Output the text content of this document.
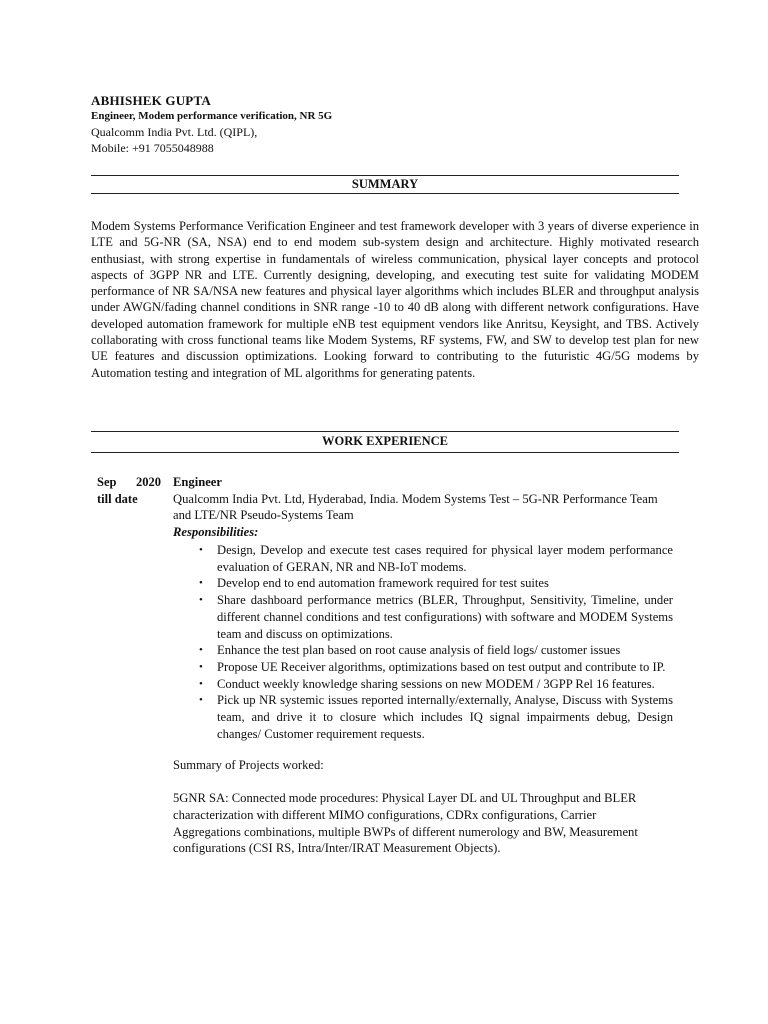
ABHISHEK GUPTA
Engineer, Modem performance verification, NR 5G
Qualcomm India Pvt. Ltd. (QIPL),
Mobile: +91 7055048988
SUMMARY
Modem Systems Performance Verification Engineer and test framework developer with 3 years of diverse experience in LTE and 5G-NR (SA, NSA) end to end modem sub-system design and architecture. Highly motivated research enthusiast, with strong expertise in fundamentals of wireless communication, physical layer concepts and protocol aspects of 3GPP NR and LTE. Currently designing, developing, and executing test suite for validating MODEM performance of NR SA/NSA new features and physical layer algorithms which includes BLER and throughput analysis under AWGN/fading channel conditions in SNR range -10 to 40 dB along with different network configurations. Have developed automation framework for multiple eNB test equipment vendors like Anritsu, Keysight, and TBS. Actively collaborating with cross functional teams like Modem Systems, RF systems, FW, and SW to develop test plan for new UE features and discussion optimizations. Looking forward to contributing to the futuristic 4G/5G modems by Automation testing and integration of ML algorithms for generating patents.
WORK EXPERIENCE
Sep 2020
till date
Engineer
Qualcomm India Pvt. Ltd, Hyderabad, India. Modem Systems Test – 5G-NR Performance Team and LTE/NR Pseudo-Systems Team
Responsibilities:
• Design, Develop and execute test cases required for physical layer modem performance evaluation of GERAN, NR and NB-IoT modems.
• Develop end to end automation framework required for test suites
• Share dashboard performance metrics (BLER, Throughput, Sensitivity, Timeline, under different channel conditions and test configurations) with software and MODEM Systems team and discuss on optimizations.
• Enhance the test plan based on root cause analysis of field logs/ customer issues
• Propose UE Receiver algorithms, optimizations based on test output and contribute to IP.
• Conduct weekly knowledge sharing sessions on new MODEM / 3GPP Rel 16 features.
• Pick up NR systemic issues reported internally/externally, Analyse, Discuss with Systems team, and drive it to closure which includes IQ signal impairments debug, Design changes/ Customer requirement requests.
Summary of Projects worked:
5GNR SA: Connected mode procedures: Physical Layer DL and UL Throughput and BLER characterization with different MIMO configurations, CDRx configurations, Carrier Aggregations combinations, multiple BWPs of different numerology and BW, Measurement configurations (CSI RS, Intra/Inter/IRAT Measurement Objects).
